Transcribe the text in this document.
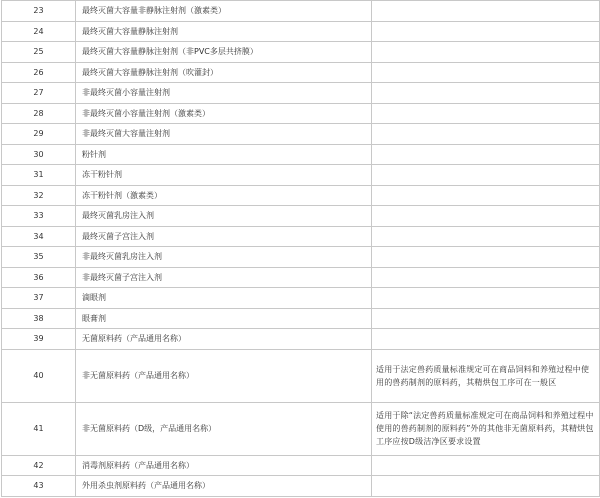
23	最终灭菌大容量非静脉注射剂（激素类）	
24	最终灭菌大容量静脉注射剂	
25	最终灭菌大容量静脉注射剂（非PVC多层共挤膜）	
26	最终灭菌大容量静脉注射剂（吹灌封）	
27	非最终灭菌小容量注射剂	
28	非最终灭菌小容量注射剂（激素类）	
29	非最终灭菌大容量注射剂	
30	粉针剂	
31	冻干粉针剂	
32	冻干粉针剂（激素类）	
33	最终灭菌乳房注入剂	
34	最终灭菌子宫注入剂	
35	非最终灭菌乳房注入剂	
36	非最终灭菌子宫注入剂	
37	滴眼剂	
38	眼膏剂	
39	无菌原料药（产品通用名称）	
40	非无菌原料药（产品通用名称）	适用于法定兽药质量标准规定可在商品饲料和养殖过程中使用的兽药制剂的原料药，其精烘包工序可在一般区
41	非无菌原料药（D级，产品通用名称）	适用于除“法定兽药质量标准规定可在商品饲料和养殖过程中使用的兽药制剂的原料药”外的其他非无菌原料药，其精烘包工序应按D级洁净区要求设置
42	消毒剂原料药（产品通用名称）	
43	外用杀虫剂原料药（产品通用名称）	
